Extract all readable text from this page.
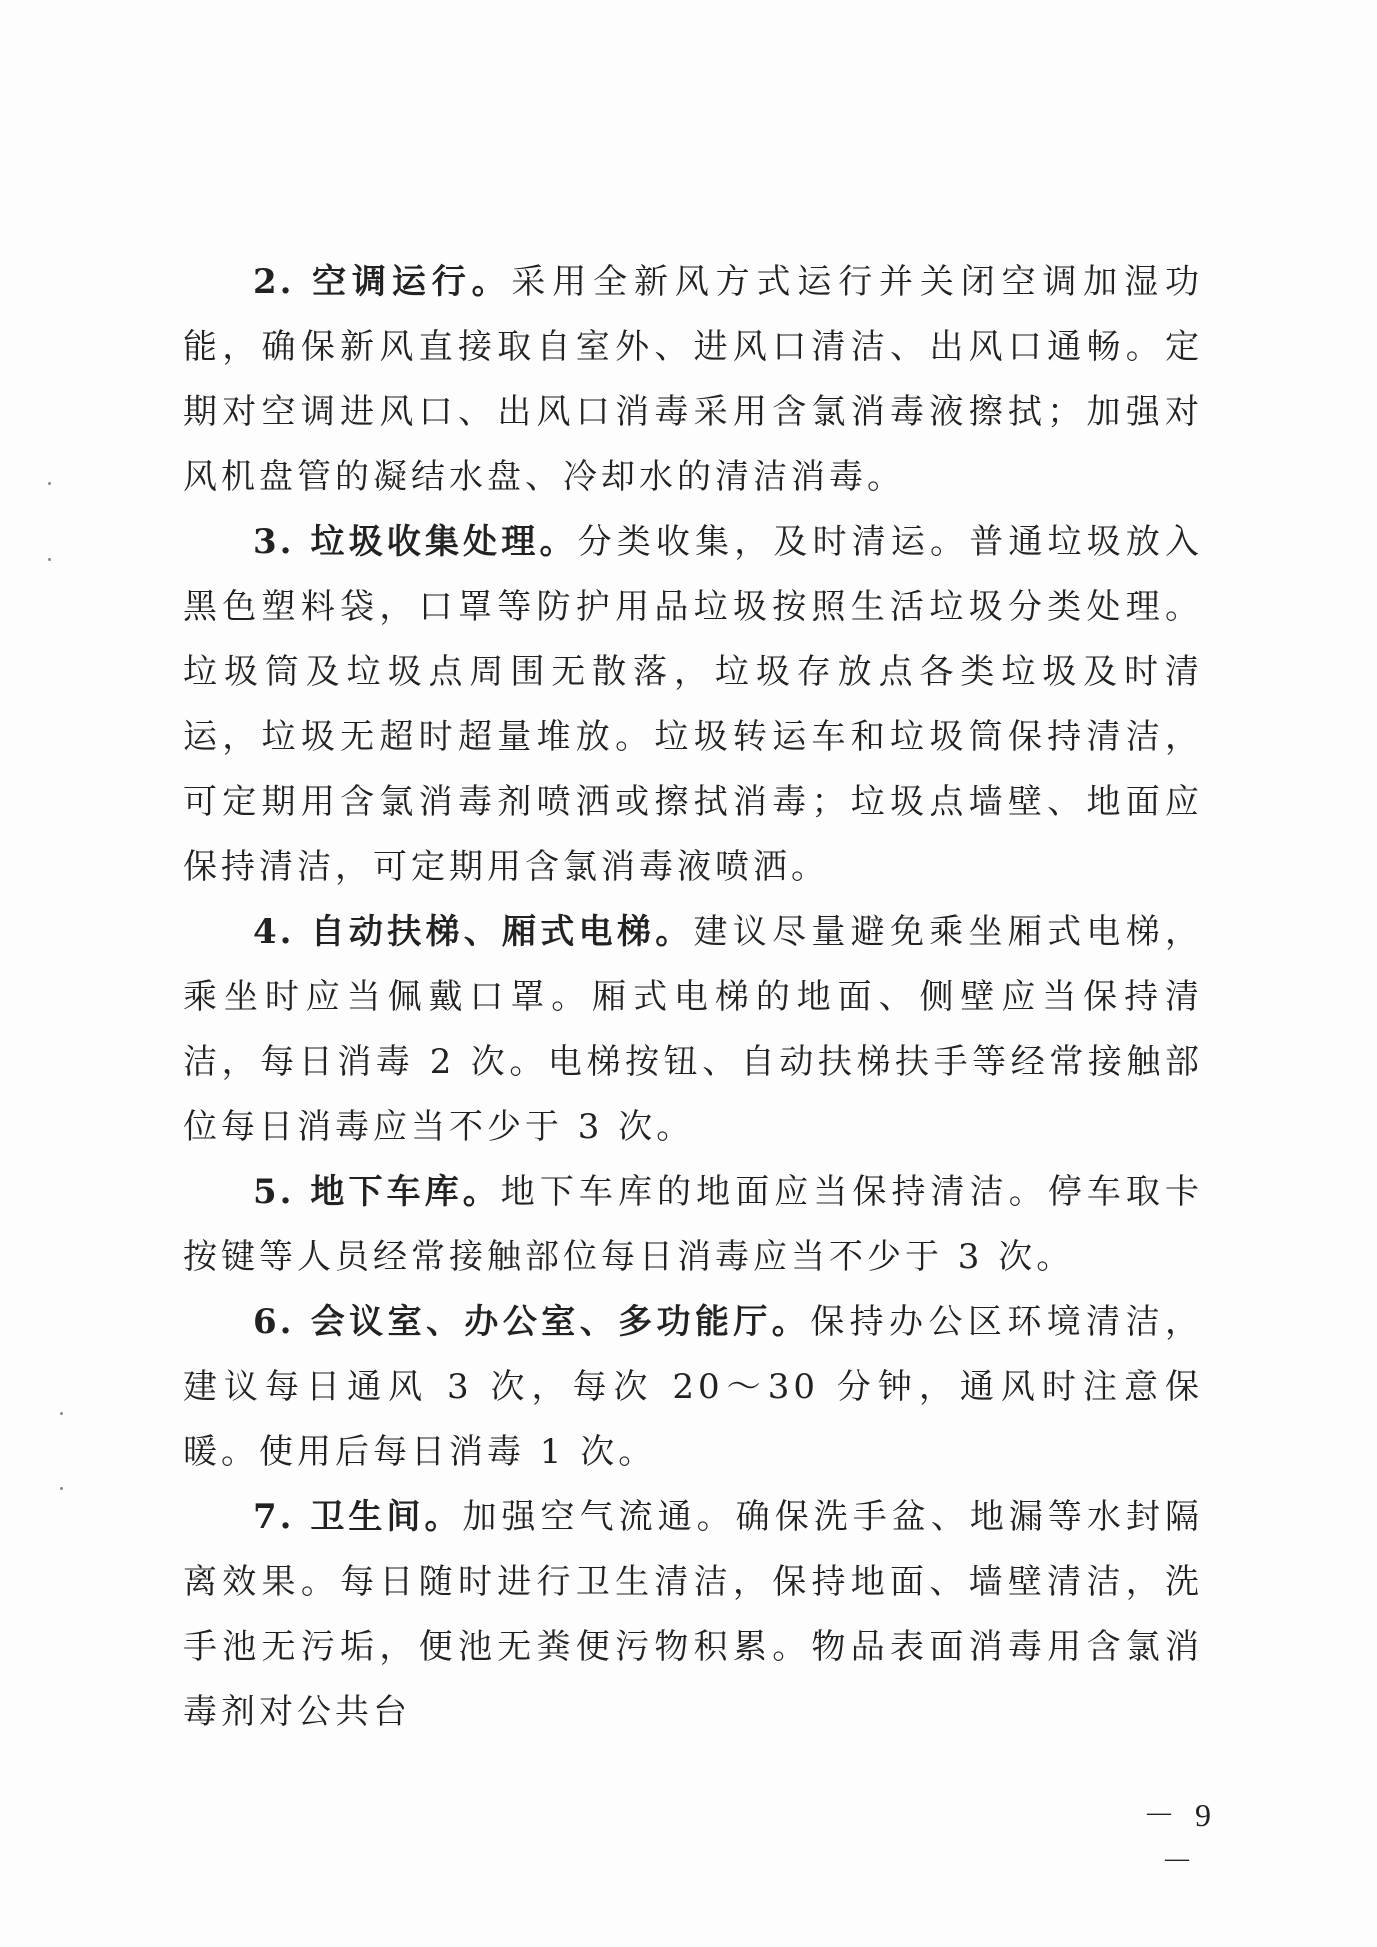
2. 空调运行。采用全新风方式运行并关闭空调加湿功能，确保新风直接取自室外、进风口清洁、出风口通畅。定期对空调进风口、出风口消毒采用含氯消毒液擦拭；加强对风机盘管的凝结水盘、冷却水的清洁消毒。

3. 垃圾收集处理。分类收集，及时清运。普通垃圾放入黑色塑料袋，口罩等防护用品垃圾按照生活垃圾分类处理。垃圾筒及垃圾点周围无散落，垃圾存放点各类垃圾及时清运，垃圾无超时超量堆放。垃圾转运车和垃圾筒保持清洁，可定期用含氯消毒剂喷洒或擦拭消毒；垃圾点墙壁、地面应保持清洁，可定期用含氯消毒液喷洒。

4. 自动扶梯、厢式电梯。建议尽量避免乘坐厢式电梯，乘坐时应当佩戴口罩。厢式电梯的地面、侧壁应当保持清洁，每日消毒 2 次。电梯按钮、自动扶梯扶手等经常接触部位每日消毒应当不少于 3 次。

5. 地下车库。地下车库的地面应当保持清洁。停车取卡按键等人员经常接触部位每日消毒应当不少于 3 次。

6. 会议室、办公室、多功能厅。保持办公区环境清洁，建议每日通风 3 次，每次 20～30 分钟，通风时注意保暖。使用后每日消毒 1 次。

7. 卫生间。加强空气流通。确保洗手盆、地漏等水封隔离效果。每日随时进行卫生清洁，保持地面、墙壁清洁，洗手池无污垢，便池无粪便污物积累。物品表面消毒用含氯消毒剂对公共台

－ 9 －
